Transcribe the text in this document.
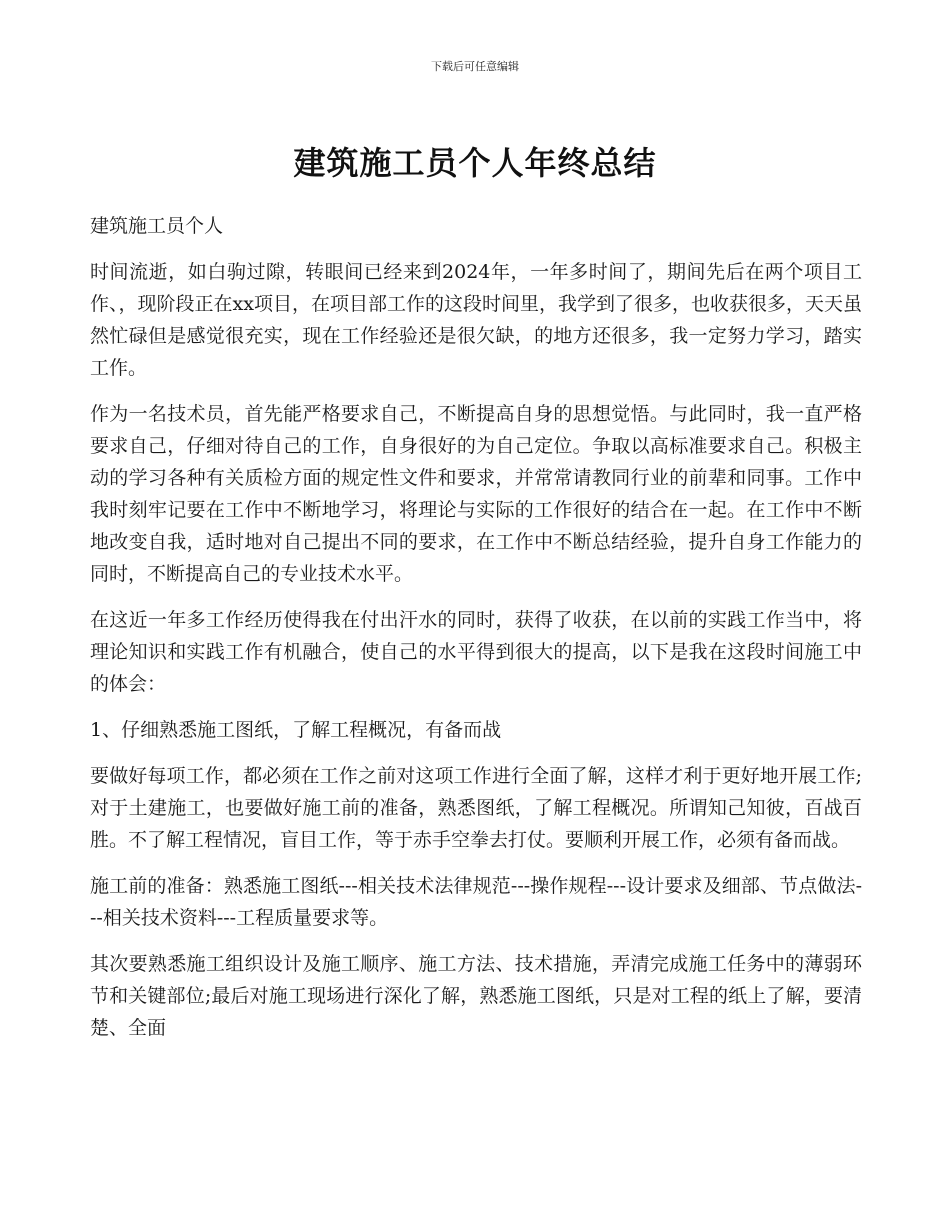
下载后可任意编辑
建筑施工员个人年终总结

建筑施工员个人

时间流逝，如白驹过隙，转眼间已经来到2024年，一年多时间了，期间先后在两个项目工作、，现阶段正在xx项目，在项目部工作的这段时间里，我学到了很多，也收获很多，天天虽然忙碌但是感觉很充实，现在工作经验还是很欠缺，的地方还很多，我一定努力学习，踏实工作。

作为一名技术员，首先能严格要求自己，不断提高自身的思想觉悟。与此同时，我一直严格要求自己，仔细对待自己的工作，自身很好的为自己定位。争取以高标准要求自己。积极主动的学习各种有关质检方面的规定性文件和要求，并常常请教同行业的前辈和同事。工作中我时刻牢记要在工作中不断地学习，将理论与实际的工作很好的结合在一起。在工作中不断地改变自我，适时地对自己提出不同的要求，在工作中不断总结经验，提升自身工作能力的同时，不断提高自己的专业技术水平。

在这近一年多工作经历使得我在付出汗水的同时，获得了收获，在以前的实践工作当中，将理论知识和实践工作有机融合，使自己的水平得到很大的提高，以下是我在这段时间施工中的体会：

1、仔细熟悉施工图纸，了解工程概况，有备而战

要做好每项工作，都必须在工作之前对这项工作进行全面了解，这样才利于更好地开展工作;对于土建施工，也要做好施工前的准备，熟悉图纸，了解工程概况。所谓知己知彼，百战百胜。不了解工程情况，盲目工作，等于赤手空拳去打仗。要顺利开展工作，必须有备而战。

施工前的准备：熟悉施工图纸---相关技术法律规范---操作规程---设计要求及细部、节点做法---相关技术资料---工程质量要求等。

其次要熟悉施工组织设计及施工顺序、施工方法、技术措施，弄清完成施工任务中的薄弱环节和关键部位;最后对施工现场进行深化了解，熟悉施工图纸，只是对工程的纸上了解，要清楚、全面
